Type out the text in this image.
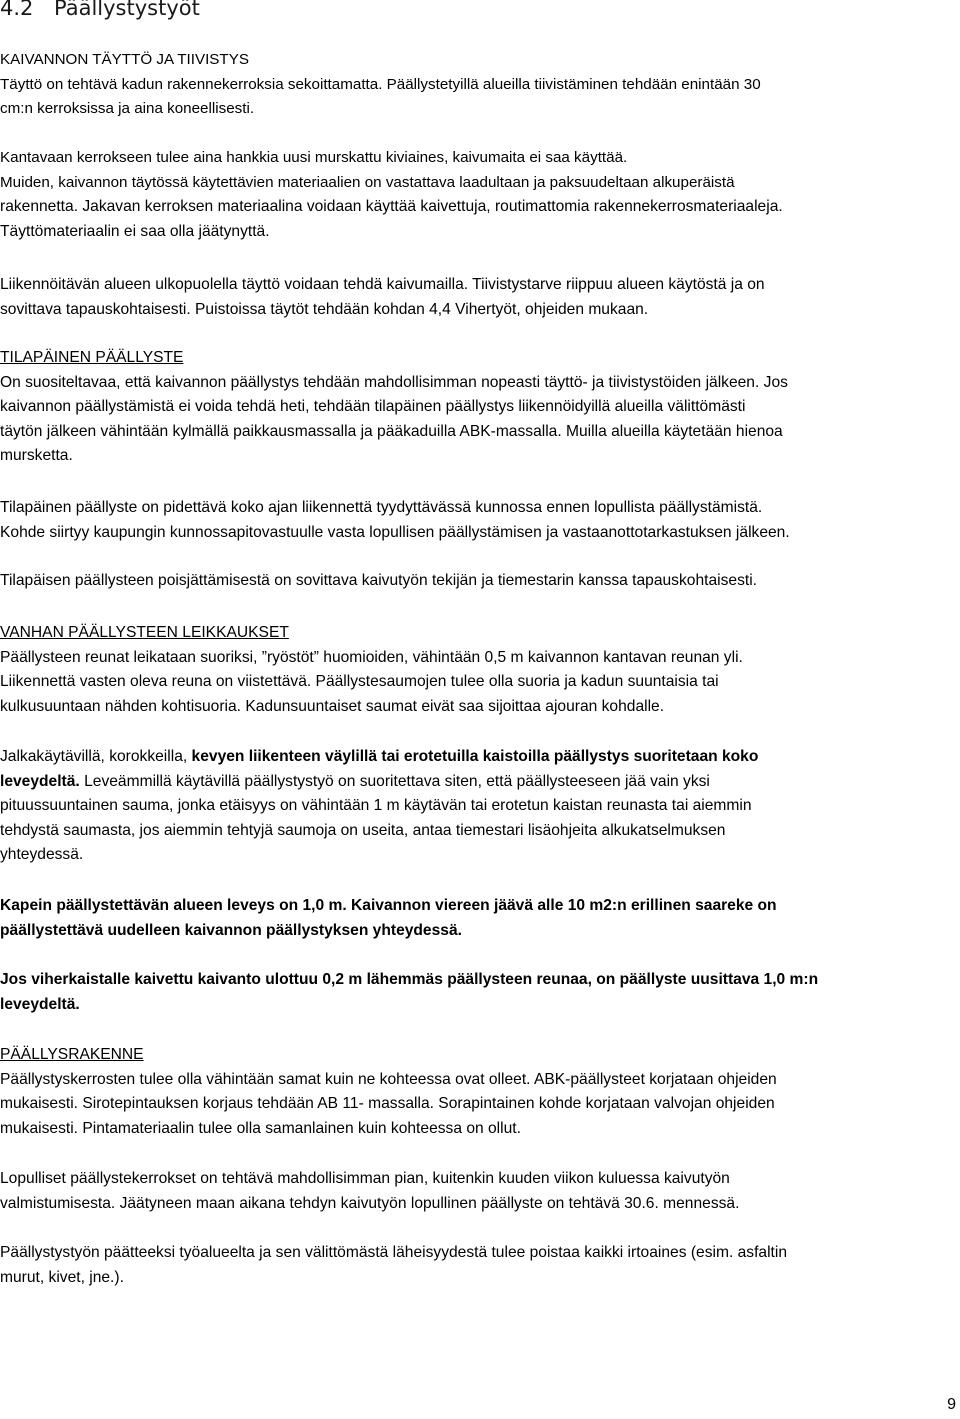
4.2 Päällystystyöt

KAIVANNON TÄYTTÖ JA TIIVISTYS

Täyttö on tehtävä kadun rakennekerroksia sekoittamatta. Päällystetyillä alueilla tiivistäminen tehdään enintään 30

cm:n kerroksissa ja aina koneellisesti.

Kantavaan kerrokseen tulee aina hankkia uusi murskattu kiviaines, kaivumaita ei saa käyttää.

Muiden, kaivannon täytössä käytettävien materiaalien on vastattava laadultaan ja paksuudeltaan alkuperäistä

rakennetta. Jakavan kerroksen materiaalina voidaan käyttää kaivettuja, routimattomia rakennekerrosmateriaaleja.

Täyttömateriaalin ei saa olla jäätynyttä.

Liikennöitävän alueen ulkopuolella täyttö voidaan tehdä kaivumailla. Tiivistystarve riippuu alueen käytöstä ja on

sovittava tapauskohtaisesti. Puistoissa täytöt tehdään kohdan 4,4 Vihertyöt, ohjeiden mukaan.

TILAPÄINEN PÄÄLLYSTE

On suositeltavaa, että kaivannon päällystys tehdään mahdollisimman nopeasti täyttö- ja tiivistystöiden jälkeen. Jos

kaivannon päällystämistä ei voida tehdä heti, tehdään tilapäinen päällystys liikennöidyillä alueilla välittömästi

täytön jälkeen vähintään kylmällä paikkausmassalla ja pääkaduilla ABK-massalla. Muilla alueilla käytetään hienoa

mursketta.

Tilapäinen päällyste on pidettävä koko ajan liikennettä tyydyttävässä kunnossa ennen lopullista päällystämistä.

Kohde siirtyy kaupungin kunnossapitovastuulle vasta lopullisen päällystämisen ja vastaanottotarkastuksen jälkeen.

Tilapäisen päällysteen poisjättämisestä on sovittava kaivutyön tekijän ja tiemestarin kanssa tapauskohtaisesti.

VANHAN PÄÄLLYSTEEN LEIKKAUKSET

Päällysteen reunat leikataan suoriksi, ”ryöstöt” huomioiden, vähintään 0,5 m kaivannon kantavan reunan yli.

Liikennettä vasten oleva reuna on viistettävä. Päällystesaumojen tulee olla suoria ja kadun suuntaisia tai

kulkusuuntaan nähden kohtisuoria. Kadunsuuntaiset saumat eivät saa sijoittaa ajouran kohdalle.

Jalkakäytävillä, korokkeilla, kevyen liikenteen väylillä tai erotetuilla kaistoilla päällystys suoritetaan koko

leveydeltä. Leveämmillä käytävillä päällystystyö on suoritettava siten, että päällysteeseen jää vain yksi

pituussuuntainen sauma, jonka etäisyys on vähintään 1 m käytävän tai erotetun kaistan reunasta tai aiemmin

tehdystä saumasta, jos aiemmin tehtyjä saumoja on useita, antaa tiemestari lisäohjeita alkukatselmuksen

yhteydessä.

Kapein päällystettävän alueen leveys on 1,0 m. Kaivannon viereen jäävä alle 10 m2:n erillinen saareke on

päällystettävä uudelleen kaivannon päällystyksen yhteydessä.

Jos viherkaistalle kaivettu kaivanto ulottuu 0,2 m lähemmäs päällysteen reunaa, on päällyste uusittava 1,0 m:n

leveydeltä.

PÄÄLLYSRAKENNE

Päällystyskerrosten tulee olla vähintään samat kuin ne kohteessa ovat olleet. ABK-päällysteet korjataan ohjeiden

mukaisesti. Sirotepintauksen korjaus tehdään AB 11- massalla. Sorapintainen kohde korjataan valvojan ohjeiden

mukaisesti. Pintamateriaalin tulee olla samanlainen kuin kohteessa on ollut.

Lopulliset päällystekerrokset on tehtävä mahdollisimman pian, kuitenkin kuuden viikon kuluessa kaivutyön

valmistumisesta. Jäätyneen maan aikana tehdyn kaivutyön lopullinen päällyste on tehtävä 30.6. mennessä.

Päällystystyön päätteeksi työalueelta ja sen välittömästä läheisyydestä tulee poistaa kaikki irtoaines (esim. asfaltin

murut, kivet, jne.).

9
